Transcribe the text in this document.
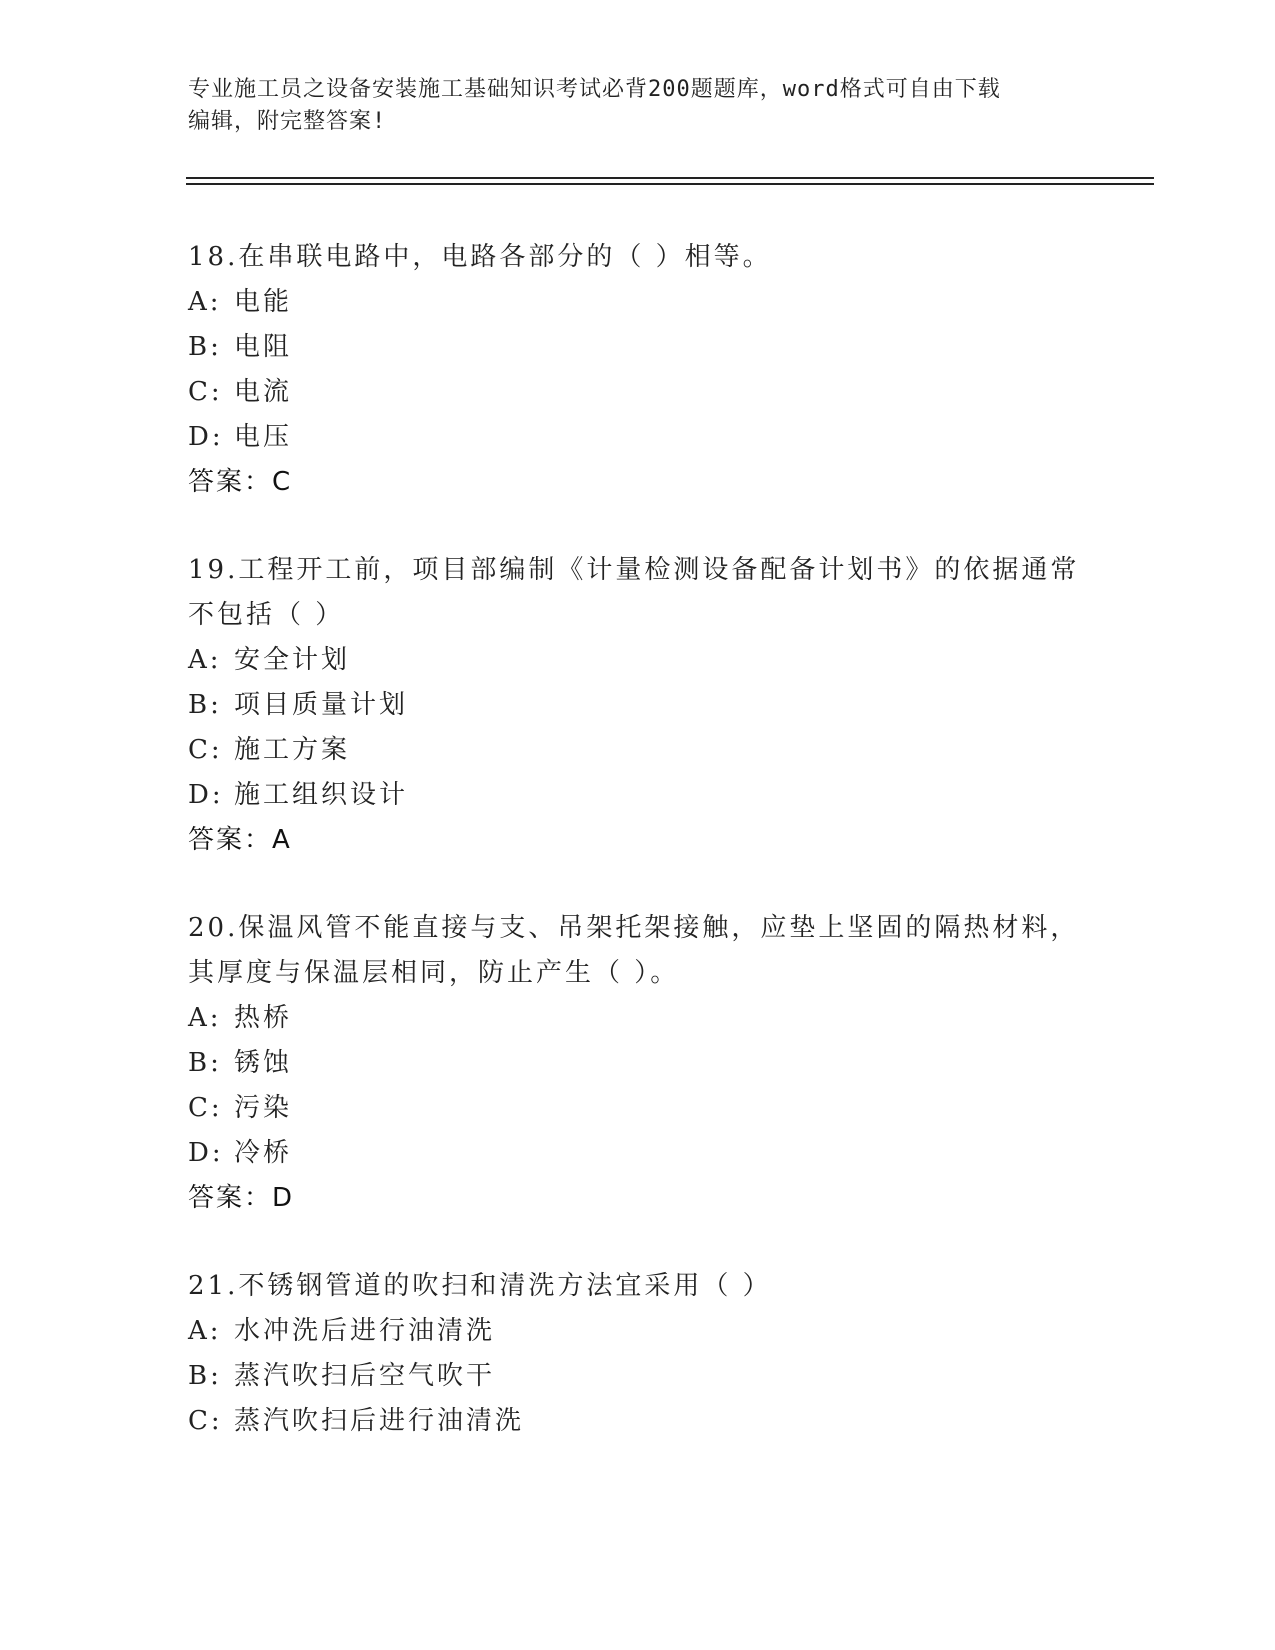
专业施工员之设备安装施工基础知识考试必背200题题库，word格式可自由下载
编辑，附完整答案!

18.在串联电路中，电路各部分的（ ）相等。

A: 电能
B: 电阻
C: 电流
D: 电压
答案：C

19.工程开工前，项目部编制《计量检测设备配备计划书》的依据通常不包括（ ）

A: 安全计划
B: 项目质量计划
C: 施工方案
D: 施工组织设计
答案：A

20.保温风管不能直接与支、吊架托架接触，应垫上坚固的隔热材料，其厚度与保温层相同，防止产生（ ）。

A: 热桥
B: 锈蚀
C: 污染
D: 冷桥
答案：D

21.不锈钢管道的吹扫和清洗方法宜采用（ ）

A: 水冲洗后进行油清洗
B: 蒸汽吹扫后空气吹干
C: 蒸汽吹扫后进行油清洗
